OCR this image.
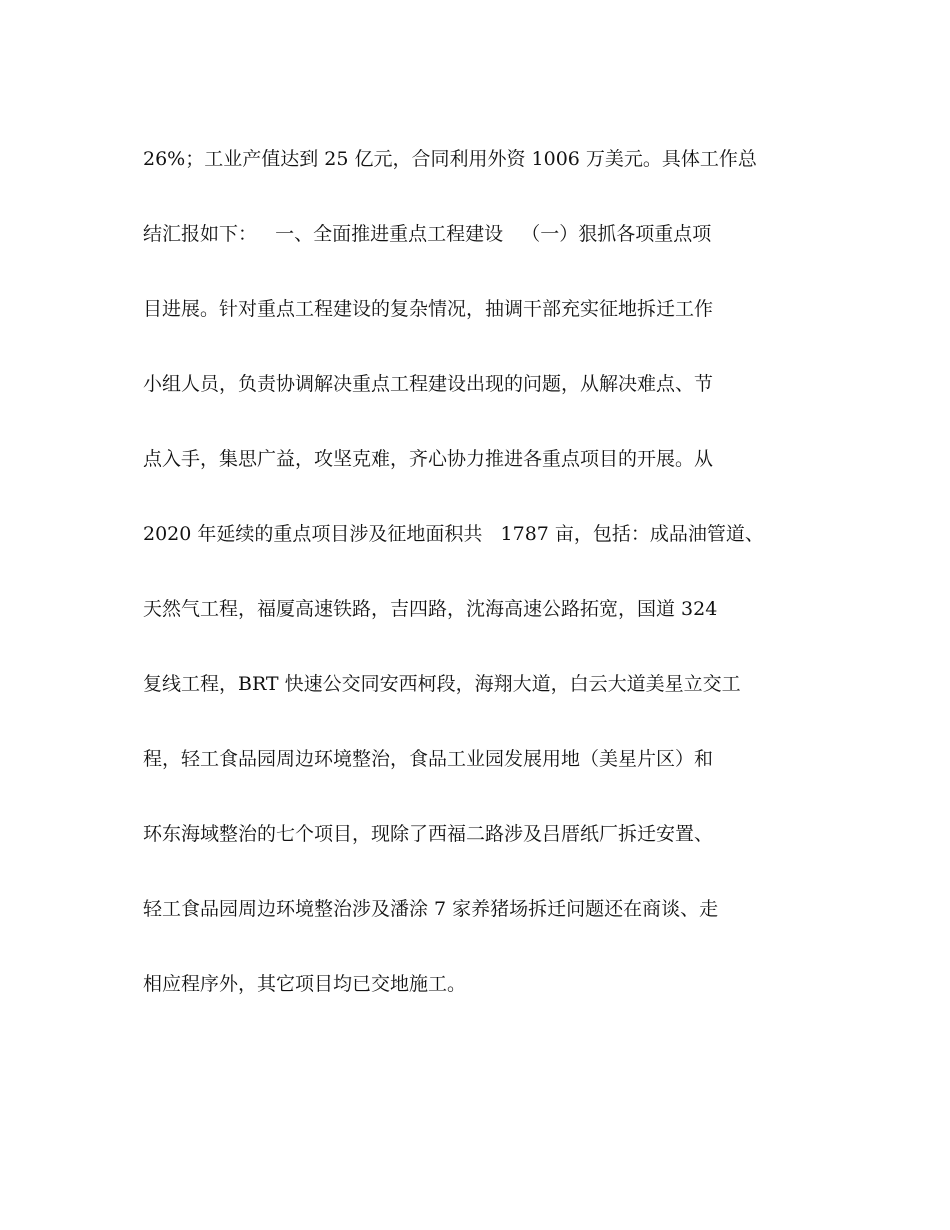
26%；工业产值达到 25 亿元，合同利用外资 1006 万美元。具体工作总
结汇报如下：   一、全面推进重点工程建设   （一）狠抓各项重点项
目进展。针对重点工程建设的复杂情况，抽调干部充实征地拆迁工作
小组人员，负责协调解决重点工程建设出现的问题，从解决难点、节
点入手，集思广益，攻坚克难，齐心协力推进各重点项目的开展。从
2020 年延续的重点项目涉及征地面积共   1787 亩，包括：成品油管道、
天然气工程，福厦高速铁路，吉四路，沈海高速公路拓宽，国道 324
复线工程，BRT 快速公交同安西柯段，海翔大道，白云大道美星立交工
程，轻工食品园周边环境整治，食品工业园发展用地（美星片区）和
环东海域整治的七个项目，现除了西福二路涉及吕厝纸厂拆迁安置、
轻工食品园周边环境整治涉及潘涂 7 家养猪场拆迁问题还在商谈、走
相应程序外，其它项目均已交地施工。
